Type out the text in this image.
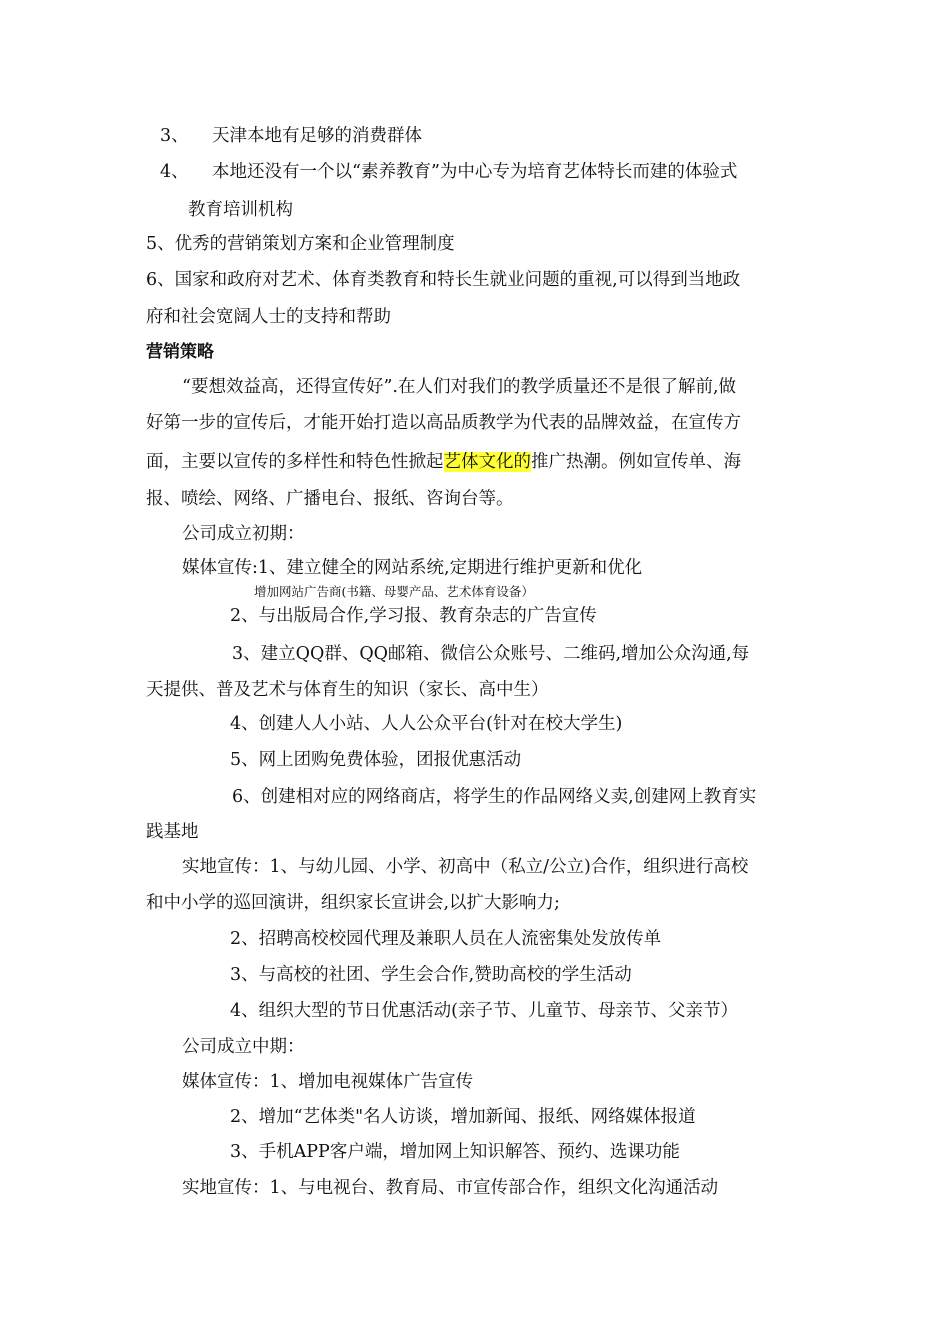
3、 天津本地有足够的消费群体
4、 本地还没有一个以“素养教育”为中心专为培育艺体特长而建的体验式
教育培训机构
5、优秀的营销策划方案和企业管理制度
6、国家和政府对艺术、体育类教育和特长生就业问题的重视,可以得到当地政
府和社会宽阔人士的支持和帮助
营销策略
“要想效益高，还得宣传好”.在人们对我们的教学质量还不是很了解前,做
好第一步的宣传后，才能开始打造以高品质教学为代表的品牌效益，在宣传方
面，主要以宣传的多样性和特色性掀起艺体文化的推广热潮。例如宣传单、海
报、喷绘、网络、广播电台、报纸、咨询台等。
公司成立初期：
媒体宣传:1、建立健全的网站系统,定期进行维护更新和优化
增加网站广告商(书籍、母婴产品、艺术体育设备）
2、与出版局合作,学习报、教育杂志的广告宣传
3、建立QQ群、QQ邮箱、微信公众账号、二维码,增加公众沟通,每
天提供、普及艺术与体育生的知识（家长、高中生）
4、创建人人小站、人人公众平台(针对在校大学生)
5、网上团购免费体验，团报优惠活动
6、创建相对应的网络商店，将学生的作品网络义卖,创建网上教育实
践基地
实地宣传：1、与幼儿园、小学、初高中（私立/公立)合作，组织进行高校
和中小学的巡回演讲，组织家长宣讲会,以扩大影响力;
2、招聘高校校园代理及兼职人员在人流密集处发放传单
3、与高校的社团、学生会合作,赞助高校的学生活动
4、组织大型的节日优惠活动(亲子节、儿童节、母亲节、父亲节）
公司成立中期：
媒体宣传：1、增加电视媒体广告宣传
2、增加“艺体类"名人访谈，增加新闻、报纸、网络媒体报道
3、手机APP客户端，增加网上知识解答、预约、选课功能
实地宣传：1、与电视台、教育局、市宣传部合作，组织文化沟通活动
